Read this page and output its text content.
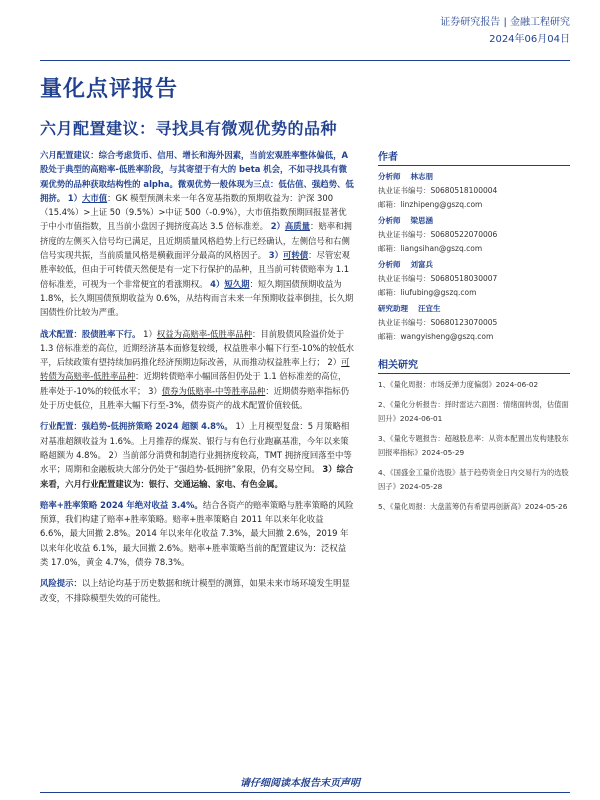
证券研究报告 | 金融工程研究
2024年06月04日
量化点评报告
六月配置建议：寻找具有微观优势的品种

六月配置建议：综合考虑货币、信用、增长和海外因素，当前宏观胜率整体偏低，A股处于典型的高赔率-低胜率阶段，与其寄望于有大的 beta 机会，不如寻找具有微观优势的品种获取结构性的 alpha。微观优势一般体现为三点：低估值、强趋势、低拥挤。 1）大市值：GK 模型预测未来一年各宽基指数的预期收益为：沪深 300（15.4%）>上证 50（9.5%）>中证 500（-0.9%），大市值指数预期回报显著优于中小市值指数，且当前小盘因子拥挤度高达 3.5 倍标准差。 2）高质量：赔率和拥挤度的左侧买入信号均已满足，且近期质量风格趋势上行已经确认，左侧信号和右侧信号实现共振，当前质量风格是横截面评分最高的风格因子。 3）可转债：尽管宏观胜率较低，但由于可转债天然便是有一定下行保护的品种，且当前可转债赔率为 1.1 倍标准差，可视为一个非常便宜的看涨期权。 4）短久期：短久期国债预期收益为 1.8%，长久期国债预期收益为 0.6%，从结构而言未来一年预期收益率倒挂，长久期国债性价比较为严重。

战术配置：股债胜率下行。 1）权益为高赔率-低胜率品种：目前股债风险溢价处于 1.3 倍标准差的高位，近期经济基本面修复较缓，权益胜率小幅下行至-10%的较低水平，后续政策有望持续加码推化经济预期边际改善，从而推动权益胜率上行； 2）可转债为高赔率-低胜率品种：近期转债赔率小幅回落但仍处于 1.1 倍标准差的高位，胜率处于-10%的较低水平； 3）债券为低赔率-中等胜率品种：近期债券赔率指标仍处于历史低位，且胜率大幅下行至-3%，债券资产的战术配置价值较低。

行业配置：强趋势-低拥挤策略 2024 超额 4.8%。 1）上月模型复盘：5 月策略相对基准超额收益为 1.6%。上月推荐的煤炭、银行与有色行业跑赢基准，今年以来策略超额为 4.8%。 2）当前部分消费和制造行业拥挤度较高，TMT 拥挤度回落至中等水平；周期和金融板块大部分仍处于“强趋势-低拥挤”象限，仍有交易空间。 3）综合来看，六月行业配置建议为：银行、交通运输、家电、有色金属。

赔率+胜率策略 2024 年绝对收益 3.4%。结合各资产的赔率策略与胜率策略的风险预算，我们构建了赔率+胜率策略。赔率+胜率策略自 2011 年以来年化收益 6.6%，最大回撤 2.8%。2014 年以来年化收益 7.3%，最大回撤 2.6%，2019 年以来年化收益 6.1%，最大回撤 2.6%。赔率+胜率策略当前的配置建议为：泛权益类 17.0%，黄金 4.7%，债券 78.3%。

风险提示：以上结论均基于历史数据和统计模型的测算，如果未来市场环境发生明显改变，不排除模型失效的可能性。

作者
分析师 林志朋
执业证书编号：S0680518100004
邮箱：linzhipeng@gszq.com
分析师 梁思涵
执业证书编号：S0680522070006
邮箱：liangsihan@gszq.com
分析师 刘富兵
执业证书编号：S0680518030007
邮箱：liufubing@gszq.com
研究助理 汪宜生
执业证书编号：S0680123070005
邮箱：wangyisheng@gszq.com
相关研究
1、《量化周报：市场反弹力度偏弱》2024-06-02
2、《量化分析报告：择时雷达六面图：情绪面转弱，估值面回升》2024-06-01
3、《量化专题报告：超越股息率：从资本配置出发构建股东回报率指标》2024-05-29
4、《国盛金工量价选股》基于趋势资金日内交易行为的选股因子》2024-05-28
5、《量化周报：大盘蓝筹仍有希望再创新高》2024-05-26
请仔细阅读本报告末页声明
